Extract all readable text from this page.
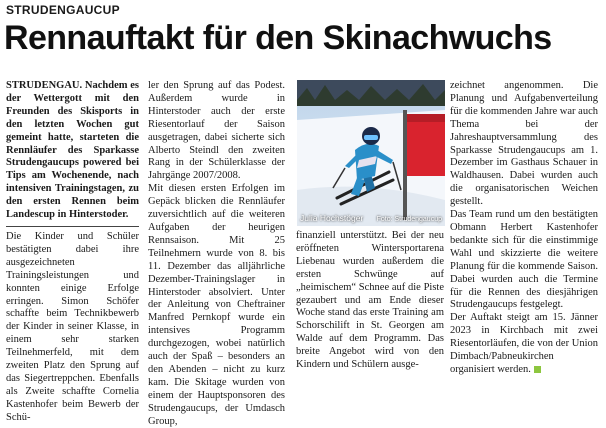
STRUDENGAUCUP
Rennauftakt für den Skinachwuchs

STRUDENGAU. Nachdem es der Wettergott mit den Freunden des Skisports in den letzten Wochen gut gemeint hatte, starteten die Rennläufer des Sparkasse Strudengaucups powered bei Tips am Wochenende, nach intensiven Trainingstagen, zu den ersten Rennen beim Landescup in Hinterstoder.

Die Kinder und Schüler bestätigten dabei ihre ausgezeichneten Trainingsleistungen und konnten einige Erfolge erringen. Simon Schöfer schaffte beim Technikbewerb der Kinder in seiner Klasse, in einem sehr starken Teilnehmerfeld, mit dem zweiten Platz den Sprung auf das Siegertreppchen. Ebenfalls als Zweite schaffte Cornelia Kastenhofer beim Bewerb der Schü-

ler den Sprung auf das Podest. Außerdem wurde in Hinterstoder auch der erste Riesentorlauf der Saison ausgetragen, dabei sicherte sich Alberto Steindl den zweiten Rang in der Schülerklasse der Jahrgänge 2007/2008.

Mit diesen ersten Erfolgen im Gepäck blicken die Rennläufer zuversichtlich auf die weiteren Aufgaben der heurigen Rennsaison. Mit 25 Teilnehmern wurde von 8. bis 11. Dezember das alljährliche Dezember-Trainingslager in Hinterstoder absolviert. Unter der Anleitung von Cheftrainer Manfred Pernkopf wurde ein intensives Programm durchgezogen, wobei natürlich auch der Spaß – besonders an den Abenden – nicht zu kurz kam. Die Skitage wurden von einem der Hauptsponsoren des Strudengaucups, der Umdasch Group,

Julia Hochstöger Foto: Strudengaucup

finanziell unterstützt. Bei der neu eröffneten Wintersportarena Liebenau wurden außerdem die ersten Schwünge auf „heimischem“ Schnee auf die Piste gezaubert und am Ende dieser Woche stand das erste Training am Schorschilift in St. Georgen am Walde auf dem Programm. Das breite Angebot wird von den Kindern und Schülern ausge-

zeichnet angenommen. Die Planung und Aufgabenverteilung für die kommenden Jahre war auch Thema bei der Jahreshauptversammlung des Sparkasse Strudengaucups am 1. Dezember im Gasthaus Schauer in Waldhausen. Dabei wurden auch die organisatorischen Weichen gestellt.

Das Team rund um den bestätigten Obmann Herbert Kastenhofer bedankte sich für die einstimmige Wahl und skizzierte die weitere Planung für die kommende Saison. Dabei wurden auch die Termine für die Rennen des diesjährigen Strudengaucups festgelegt.

Der Auftakt steigt am 15. Jänner 2023 in Kirchbach mit zwei Riesentorläufen, die von der Union Dimbach/Pabneukirchen organisiert werden.
